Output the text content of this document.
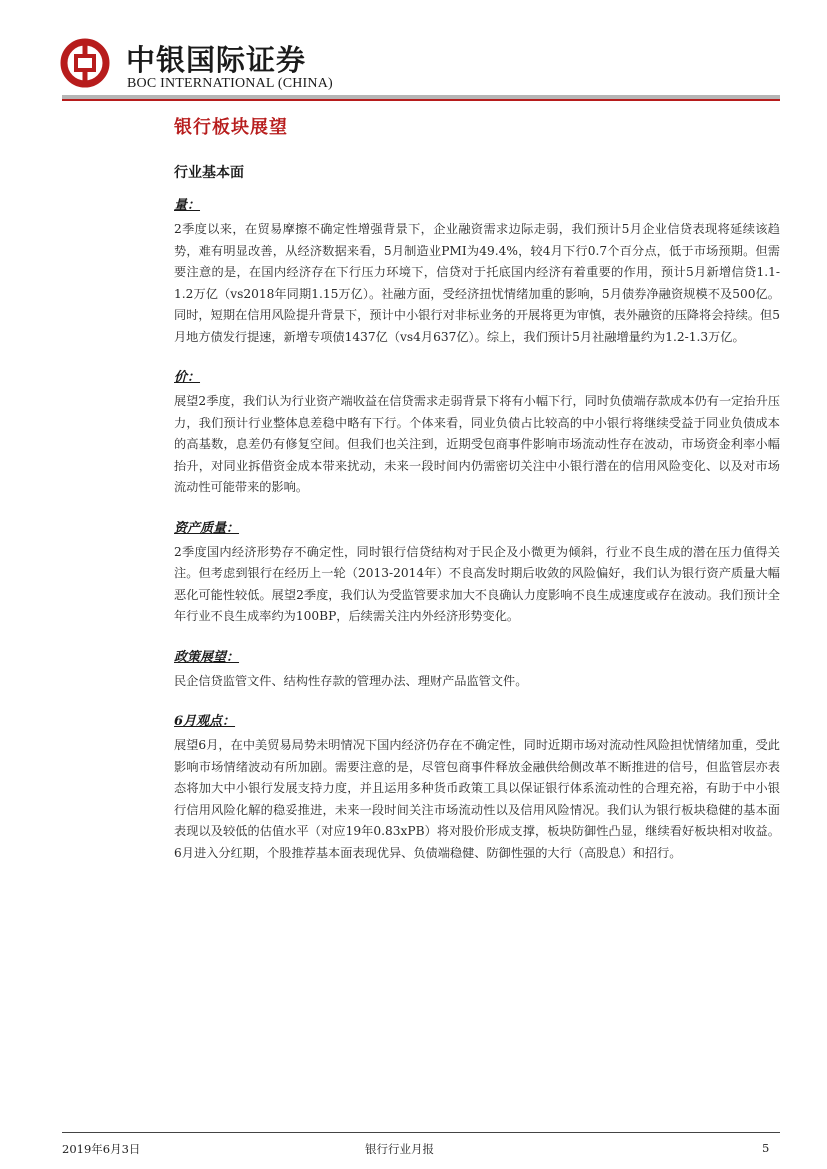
中银国际证券
BOC INTERNATIONAL (CHINA)
银行板块展望
行业基本面
量：

2季度以来，在贸易摩擦不确定性增强背景下，企业融资需求边际走弱，我们预计5月企业信贷表现将延续该趋势，难有明显改善，从经济数据来看，5月制造业PMI为49.4%，较4月下行0.7个百分点，低于市场预期。但需要注意的是，在国内经济存在下行压力环境下，信贷对于托底国内经济有着重要的作用，预计5月新增信贷1.1-1.2万亿（vs2018年同期1.15万亿）。社融方面，受经济扭忧情绪加重的影响，5月债券净融资规模不及500亿。同时，短期在信用风险提升背景下，预计中小银行对非标业务的开展将更为审慎，表外融资的压降将会持续。但5月地方债发行提速，新增专项债1437亿（vs4月637亿）。综上，我们预计5月社融增量约为1.2-1.3万亿。

价：

展望2季度，我们认为行业资产端收益在信贷需求走弱背景下将有小幅下行，同时负债端存款成本仍有一定抬升压力，我们预计行业整体息差稳中略有下行。个体来看，同业负债占比较高的中小银行将继续受益于同业负债成本的高基数，息差仍有修复空间。但我们也关注到，近期受包商事件影响市场流动性存在波动，市场资金利率小幅抬升，对同业拆借资金成本带来扰动，未来一段时间内仍需密切关注中小银行潜在的信用风险变化、以及对市场流动性可能带来的影响。

资产质量：

2季度国内经济形势存不确定性，同时银行信贷结构对于民企及小微更为倾斜，行业不良生成的潜在压力值得关注。但考虑到银行在经历上一轮（2013-2014年）不良高发时期后收敛的风险偏好，我们认为银行资产质量大幅恶化可能性较低。展望2季度，我们认为受监管要求加大不良确认力度影响不良生成速度或存在波动。我们预计全年行业不良生成率约为100BP，后续需关注内外经济形势变化。

政策展望：

民企信贷监管文件、结构性存款的管理办法、理财产品监管文件。

6月观点：

展望6月，在中美贸易局势未明情况下国内经济仍存在不确定性，同时近期市场对流动性风险担忧情绪加重，受此影响市场情绪波动有所加剧。需要注意的是，尽管包商事件释放金融供给侧改革不断推进的信号，但监管层亦表态将加大中小银行发展支持力度，并且运用多种货币政策工具以保证银行体系流动性的合理充裕，有助于中小银行信用风险化解的稳妥推进，未来一段时间关注市场流动性以及信用风险情况。我们认为银行板块稳健的基本面表现以及较低的估值水平（对应19年0.83xPB）将对股价形成支撑，板块防御性凸显，继续看好板块相对收益。6月进入分红期，个股推荐基本面表现优异、负债端稳健、防御性强的大行（高股息）和招行。

2019年6月3日	银行行业月报	5
